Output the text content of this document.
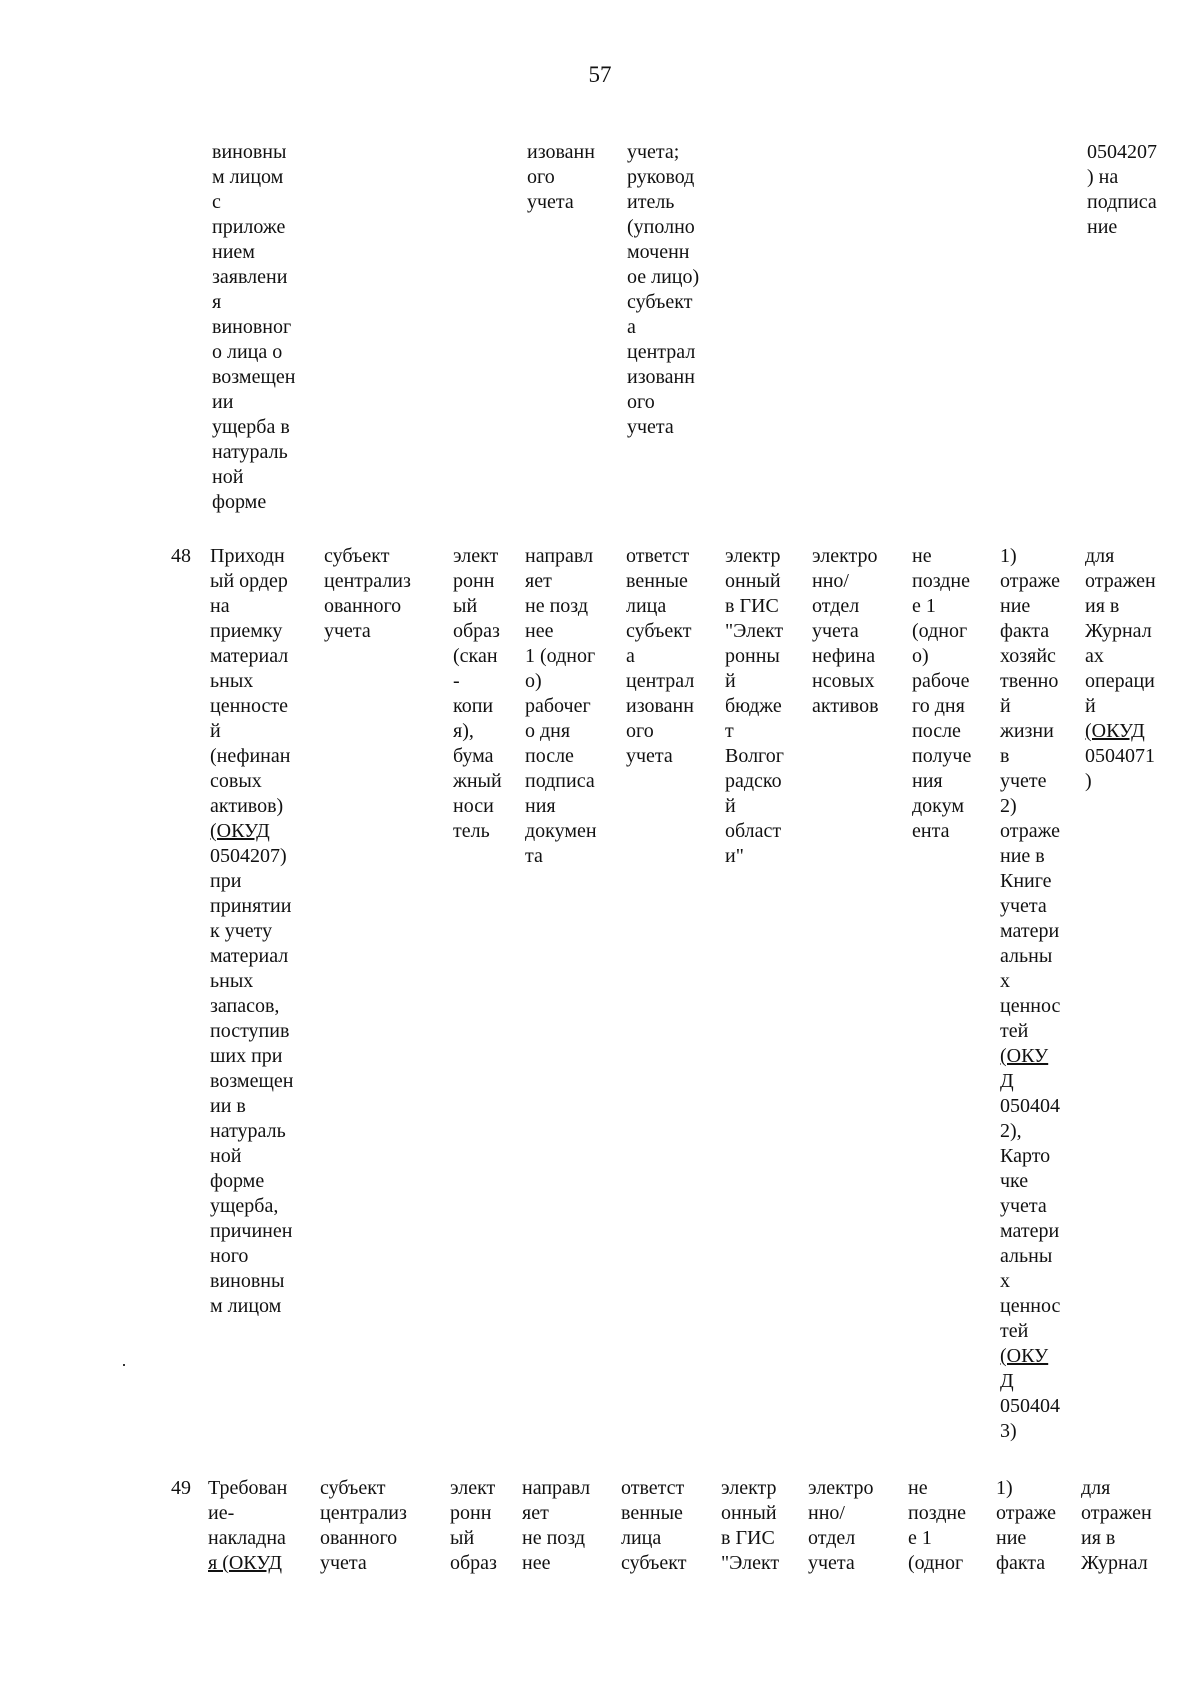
57
виновны
м лицом
с
приложе
нием
заявлени
я
виновног
о лица о
возмещен
ии
ущерба в
натураль
ной
форме
изованн
ого
учета
учета;
руковод
итель
(уполно
моченн
ое лицо)
субъект
а
централ
изованн
ого
учета
0504207
) на
подписа
ние
48 Приходн
ый ордер
на
приемку
материал
ьных
ценносте
й
(нефинан
совых
активов)
(ОКУД
0504207)
при
принятии
к учету
материал
ьных
запасов,
поступив
ших при
возмещен
ии в
натураль
ной
форме
ущерба,
причинен
ного
виновны
м лицом
субъект
централиз
ованного
учета
элект
ронн
ый
образ
(скан
-
копи
я),
бума
жный
носи
тель
направл
яет
не позд
нее
1 (одног
о)
рабочег
о дня
после
подписа
ния
докумен
та
ответст
венные
лица
субъект
а
централ
изованн
ого
учета
электр
онный
в ГИС
"Элект
ронны
й
бюдже
т
Волгог
радско
й
област
и"
электро
нно/
отдел
учета
нефина
нсовых
активов
не
поздне
е 1
(одног
о)
рабоче
го дня
после
получе
ния
докум
ента
1)
отраже
ние
факта
хозяйс
твенно
й
жизни
в
учете
2)
отраже
ние в
Книге
учета
матери
альны
х
ценнос
тей
(ОКУ
Д
050404
2),
Карто
чке
учета
матери
альны
х
ценнос
тей
(ОКУ
Д
050404
3)
для
отражен
ия в
Журнал
ах
оперaци
й
(ОКУД
0504071
)
49 Требован
ие-
накладна
я (ОКУД
субъект
централиз
ованного
учета
элект
ронн
ый
образ
направл
яет
не позд
нее
ответст
венные
лица
субъект
электр
онный
в ГИС
"Элект
электро
нно/
отдел
учета
не
поздне
е 1
(одног
1)
отраже
ние
факта
для
отражен
ия в
Журнал
